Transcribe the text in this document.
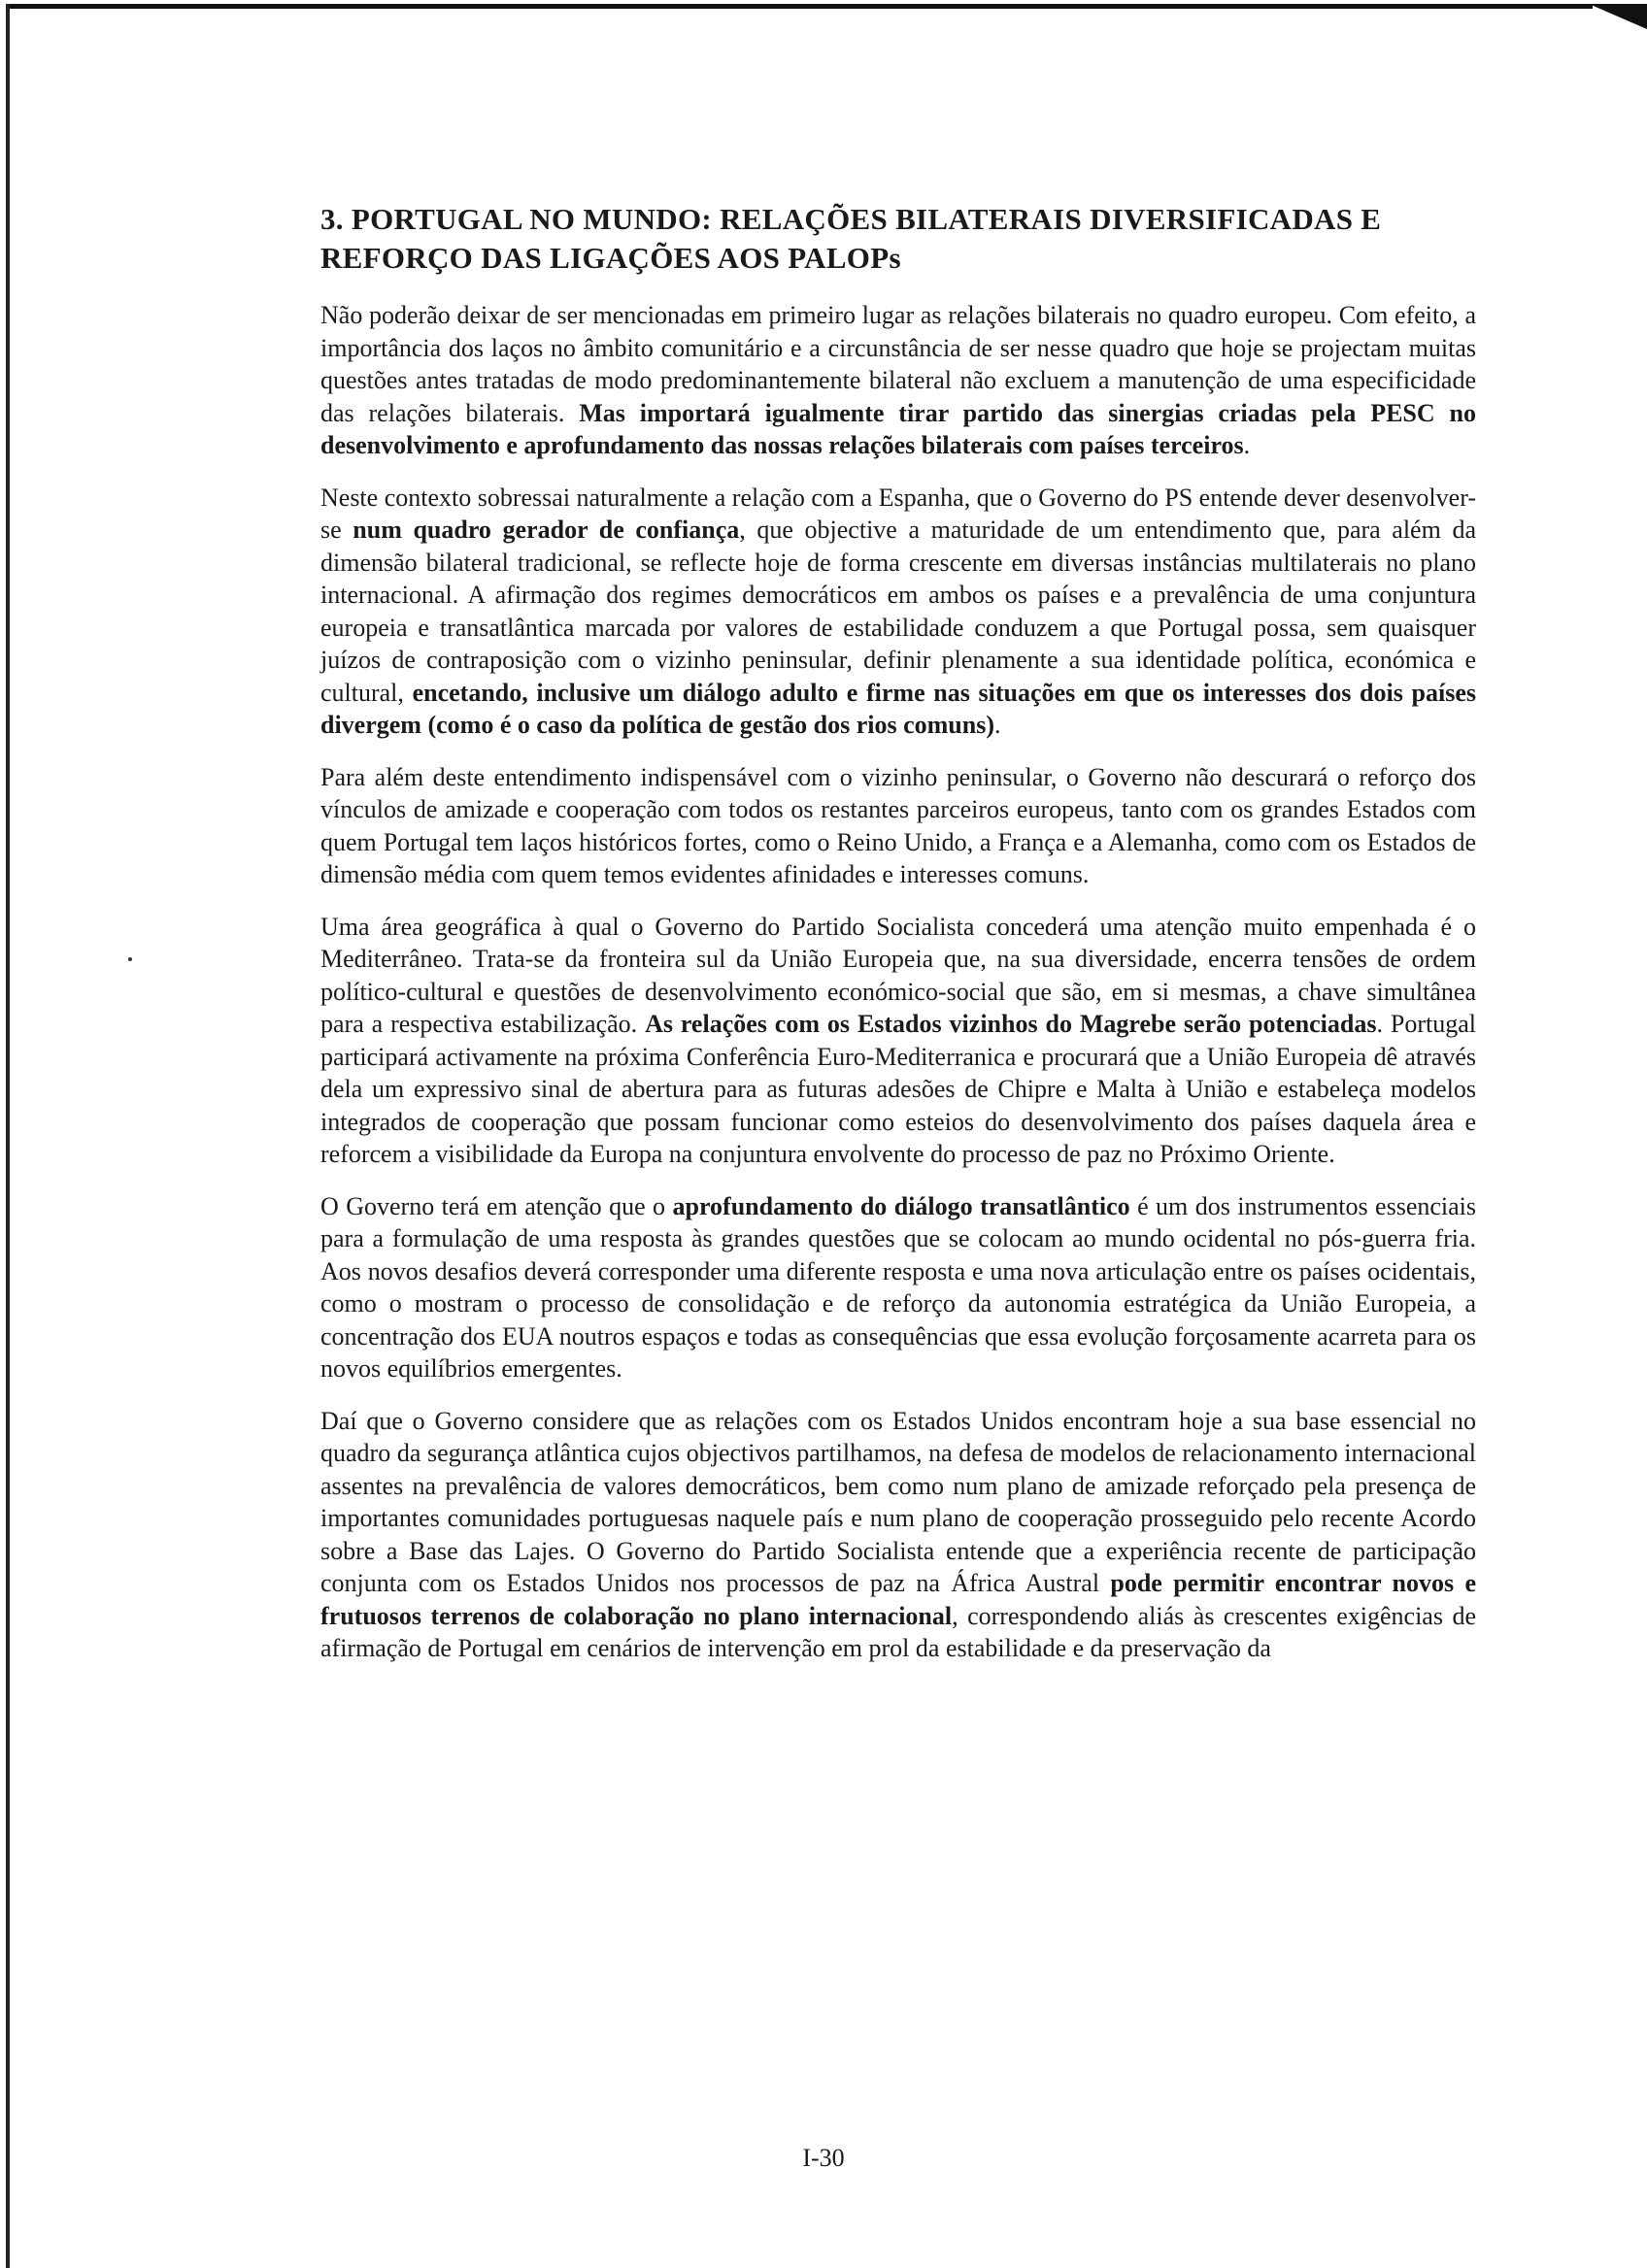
3. PORTUGAL NO MUNDO: RELAÇÕES BILATERAIS DIVERSIFICADAS E REFORÇO DAS LIGAÇÕES AOS PALOPs

Não poderão deixar de ser mencionadas em primeiro lugar as relações bilaterais no quadro europeu. Com efeito, a importância dos laços no âmbito comunitário e a circunstância de ser nesse quadro que hoje se projectam muitas questões antes tratadas de modo predominantemente bilateral não excluem a manutenção de uma especificidade das relações bilaterais. Mas importará igualmente tirar partido das sinergias criadas pela PESC no desenvolvimento e aprofundamento das nossas relações bilaterais com países terceiros.

Neste contexto sobressai naturalmente a relação com a Espanha, que o Governo do PS entende dever desenvolver-se num quadro gerador de confiança, que objective a maturidade de um entendimento que, para além da dimensão bilateral tradicional, se reflecte hoje de forma crescente em diversas instâncias multilaterais no plano internacional. A afirmação dos regimes democráticos em ambos os países e a prevalência de uma conjuntura europeia e transatlântica marcada por valores de estabilidade conduzem a que Portugal possa, sem quaisquer juízos de contraposição com o vizinho peninsular, definir plenamente a sua identidade política, económica e cultural, encetando, inclusive um diálogo adulto e firme nas situações em que os interesses dos dois países divergem (como é o caso da política de gestão dos rios comuns).

Para além deste entendimento indispensável com o vizinho peninsular, o Governo não descurará o reforço dos vínculos de amizade e cooperação com todos os restantes parceiros europeus, tanto com os grandes Estados com quem Portugal tem laços históricos fortes, como o Reino Unido, a França e a Alemanha, como com os Estados de dimensão média com quem temos evidentes afinidades e interesses comuns.

Uma área geográfica à qual o Governo do Partido Socialista concederá uma atenção muito empenhada é o Mediterrâneo. Trata-se da fronteira sul da União Europeia que, na sua diversidade, encerra tensões de ordem político-cultural e questões de desenvolvimento económico-social que são, em si mesmas, a chave simultânea para a respectiva estabilização. As relações com os Estados vizinhos do Magrebe serão potenciadas. Portugal participará activamente na próxima Conferência Euro-Mediterranica e procurará que a União Europeia dê através dela um expressivo sinal de abertura para as futuras adesões de Chipre e Malta à União e estabeleça modelos integrados de cooperação que possam funcionar como esteios do desenvolvimento dos países daquela área e reforcem a visibilidade da Europa na conjuntura envolvente do processo de paz no Próximo Oriente.

O Governo terá em atenção que o aprofundamento do diálogo transatlântico é um dos instrumentos essenciais para a formulação de uma resposta às grandes questões que se colocam ao mundo ocidental no pós-guerra fria. Aos novos desafios deverá corresponder uma diferente resposta e uma nova articulação entre os países ocidentais, como o mostram o processo de consolidação e de reforço da autonomia estratégica da União Europeia, a concentração dos EUA noutros espaços e todas as consequências que essa evolução forçosamente acarreta para os novos equilíbrios emergentes.

Daí que o Governo considere que as relações com os Estados Unidos encontram hoje a sua base essencial no quadro da segurança atlântica cujos objectivos partilhamos, na defesa de modelos de relacionamento internacional assentes na prevalência de valores democráticos, bem como num plano de amizade reforçado pela presença de importantes comunidades portuguesas naquele país e num plano de cooperação prosseguido pelo recente Acordo sobre a Base das Lajes. O Governo do Partido Socialista entende que a experiência recente de participação conjunta com os Estados Unidos nos processos de paz na África Austral pode permitir encontrar novos e frutuosos terrenos de colaboração no plano internacional, correspondendo aliás às crescentes exigências de afirmação de Portugal em cenários de intervenção em prol da estabilidade e da preservação da

I-30
